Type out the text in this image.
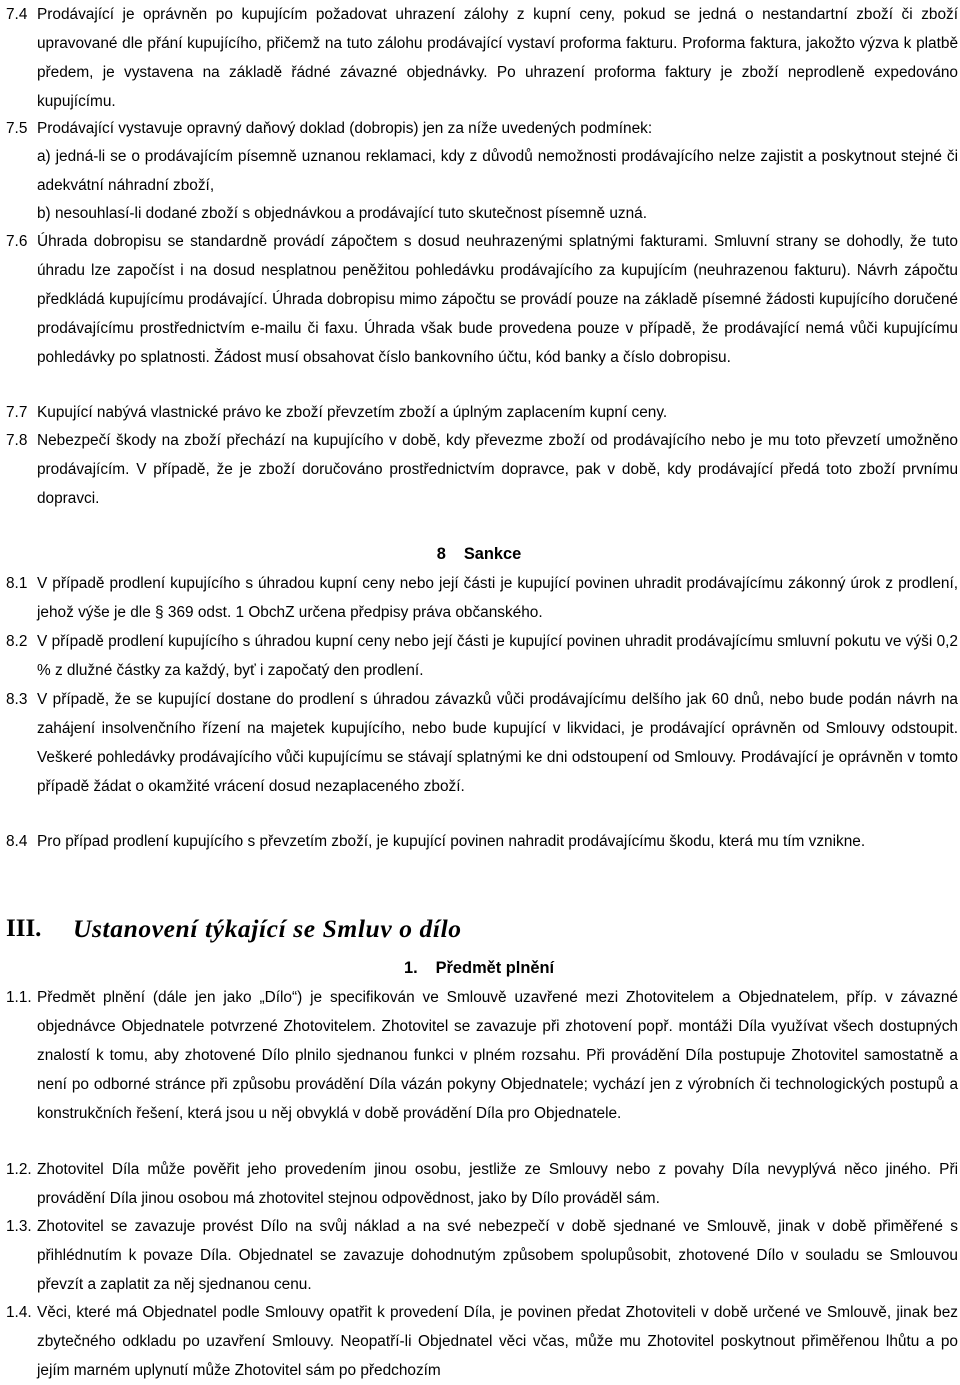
7.4 Prodávající je oprávněn po kupujícím požadovat uhrazení zálohy z kupní ceny, pokud se jedná o nestandartní zboží či zboží upravované dle přání kupujícího, přičemž na tuto zálohu prodávající vystaví proforma fakturu. Proforma faktura, jakožto výzva k platbě předem, je vystavena na základě řádné závazné objednávky. Po uhrazení proforma faktury je zboží neprodleně expedováno kupujícímu.
7.5 Prodávající vystavuje opravný daňový doklad (dobropis) jen za níže uvedených podmínek:
a) jedná-li se o prodávajícím písemně uznanou reklamaci, kdy z důvodů nemožnosti prodávajícího nelze zajistit a poskytnout stejné či adekvátní náhradní zboží,
b) nesouhlasí-li dodané zboží s objednávkou a prodávající tuto skutečnost písemně uzná.
7.6 Úhrada dobropisu se standardně provádí zápočtem s dosud neuhrazenými splatnými fakturami. Smluvní strany se dohodly, že tuto úhradu lze započíst i na dosud nesplatnou peněžitou pohledávku prodávajícího za kupujícím (neuhrazenou fakturu). Návrh zápočtu předkládá kupujícímu prodávající. Úhrada dobropisu mimo zápočtu se provádí pouze na základě písemné žádosti kupujícího doručené prodávajícímu prostřednictvím e-mailu či faxu. Úhrada však bude provedena pouze v případě, že prodávající nemá vůči kupujícímu pohledávky po splatnosti. Žádost musí obsahovat číslo bankovního účtu, kód banky a číslo dobropisu.
7.7 Kupující nabývá vlastnické právo ke zboží převzetím zboží a úplným zaplacením kupní ceny.
7.8 Nebezpečí škody na zboží přechází na kupujícího v době, kdy převezme zboží od prodávajícího nebo je mu toto převzetí umožněno prodávajícím. V případě, že je zboží doručováno prostřednictvím dopravce, pak v době, kdy prodávající předá toto zboží prvnímu dopravci.
8 Sankce
8.1 V případě prodlení kupujícího s úhradou kupní ceny nebo její části je kupující povinen uhradit prodávajícímu zákonný úrok z prodlení, jehož výše je dle § 369 odst. 1 ObchZ určena předpisy práva občanského.
8.2 V případě prodlení kupujícího s úhradou kupní ceny nebo její části je kupující povinen uhradit prodávajícímu smluvní pokutu ve výši 0,2 % z dlužné částky za každý, byť i započatý den prodlení.
8.3 V případě, že se kupující dostane do prodlení s úhradou závazků vůči prodávajícímu delšího jak 60 dnů, nebo bude podán návrh na zahájení insolvenčního řízení na majetek kupujícího, nebo bude kupující v likvidaci, je prodávající oprávněn od Smlouvy odstoupit. Veškeré pohledávky prodávajícího vůči kupujícímu se stávají splatnými ke dni odstoupení od Smlouvy. Prodávající je oprávněn v tomto případě žádat o okamžité vrácení dosud nezaplaceného zboží.
8.4 Pro případ prodlení kupujícího s převzetím zboží, je kupující povinen nahradit prodávajícímu škodu, která mu tím vznikne.
III. Ustanovení týkající se Smluv o dílo
1. Předmět plnění
1.1. Předmět plnění (dále jen jako „Dílo“) je specifikován ve Smlouvě uzavřené mezi Zhotovitelem a Objednatelem, příp. v závazné objednávce Objednatele potvrzené Zhotovitelem. Zhotovitel se zavazuje při zhotovení popř. montáži Díla využívat všech dostupných znalostí k tomu, aby zhotovené Dílo plnilo sjednanou funkci v plném rozsahu. Při provádění Díla postupuje Zhotovitel samostatně a není po odborné stránce při způsobu provádění Díla vázán pokyny Objednatele; vychází jen z výrobních či technologických postupů a konstrukčních řešení, která jsou u něj obvyklá v době provádění Díla pro Objednatele.
1.2. Zhotovitel Díla může pověřit jeho provedením jinou osobu, jestliže ze Smlouvy nebo z povahy Díla nevyplývá něco jiného. Při provádění Díla jinou osobou má zhotovitel stejnou odpovědnost, jako by Dílo prováděl sám.
1.3. Zhotovitel se zavazuje provést Dílo na svůj náklad a na své nebezpečí v době sjednané ve Smlouvě, jinak v době přiměřené s přihlédnutím k povaze Díla. Objednatel se zavazuje dohodnutým způsobem spolupůsobit, zhotovené Dílo v souladu se Smlouvou převzít a zaplatit za něj sjednanou cenu.
1.4. Věci, které má Objednatel podle Smlouvy opatřit k provedení Díla, je povinen předat Zhotoviteli v době určené ve Smlouvě, jinak bez zbytečného odkladu po uzavření Smlouvy. Neopatří-li Objednatel věci včas, může mu Zhotovitel poskytnout přiměřenou lhůtu a po jejím marném uplynutí může Zhotovitel sám po předchozím
